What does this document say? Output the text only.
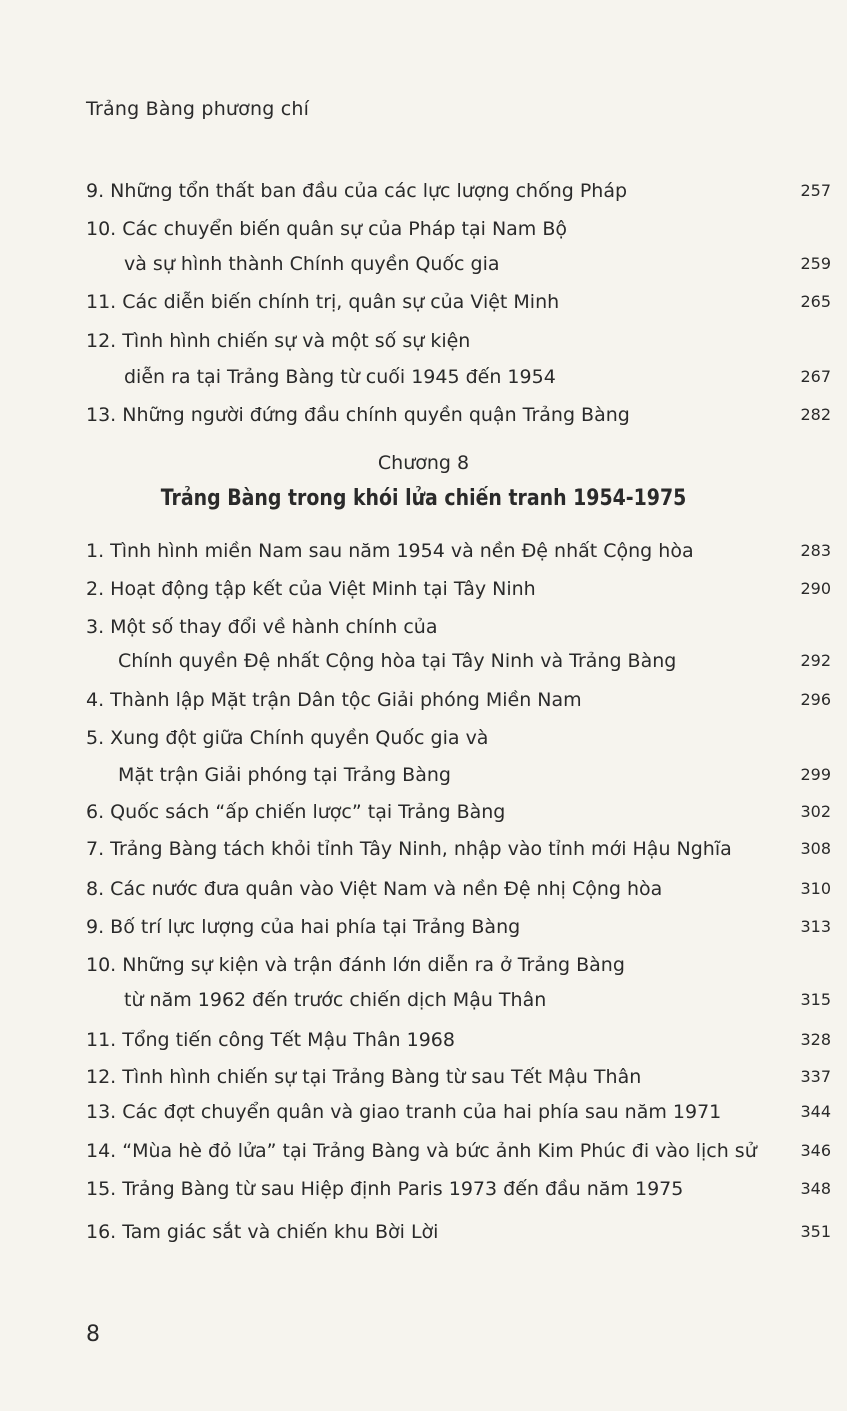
Trảng Bàng phương chí
9. Những tổn thất ban đầu của các lực lượng chống Pháp	257
10. Các chuyển biến quân sự của Pháp tại Nam Bộ
và sự hình thành Chính quyền Quốc gia	259
11. Các diễn biến chính trị, quân sự của Việt Minh	265
12. Tình hình chiến sự và một số sự kiện
diễn ra tại Trảng Bàng từ cuối 1945 đến 1954	267
13. Những người đứng đầu chính quyền quận Trảng Bàng	282
Chương 8
Trảng Bàng trong khói lửa chiến tranh 1954-1975
1. Tình hình miền Nam sau năm 1954 và nền Đệ nhất Cộng hòa	283
2. Hoạt động tập kết của Việt Minh tại Tây Ninh	290
3. Một số thay đổi về hành chính của
Chính quyền Đệ nhất Cộng hòa tại Tây Ninh và Trảng Bàng	292
4. Thành lập Mặt trận Dân tộc Giải phóng Miền Nam	296
5. Xung đột giữa Chính quyền Quốc gia và
Mặt trận Giải phóng tại Trảng Bàng	299
6. Quốc sách “ấp chiến lược” tại Trảng Bàng	302
7. Trảng Bàng tách khỏi tỉnh Tây Ninh, nhập vào tỉnh mới Hậu Nghĩa	308
8. Các nước đưa quân vào Việt Nam và nền Đệ nhị Cộng hòa	310
9. Bố trí lực lượng của hai phía tại Trảng Bàng	313
10. Những sự kiện và trận đánh lớn diễn ra ở Trảng Bàng
từ năm 1962 đến trước chiến dịch Mậu Thân	315
11. Tổng tiến công Tết Mậu Thân 1968	328
12. Tình hình chiến sự tại Trảng Bàng từ sau Tết Mậu Thân	337
13. Các đợt chuyển quân và giao tranh của hai phía sau năm 1971	344
14. “Mùa hè đỏ lửa” tại Trảng Bàng và bức ảnh Kim Phúc đi vào lịch sử	346
15. Trảng Bàng từ sau Hiệp định Paris 1973 đến đầu năm 1975	348
16. Tam giác sắt và chiến khu Bời Lời	351
8
